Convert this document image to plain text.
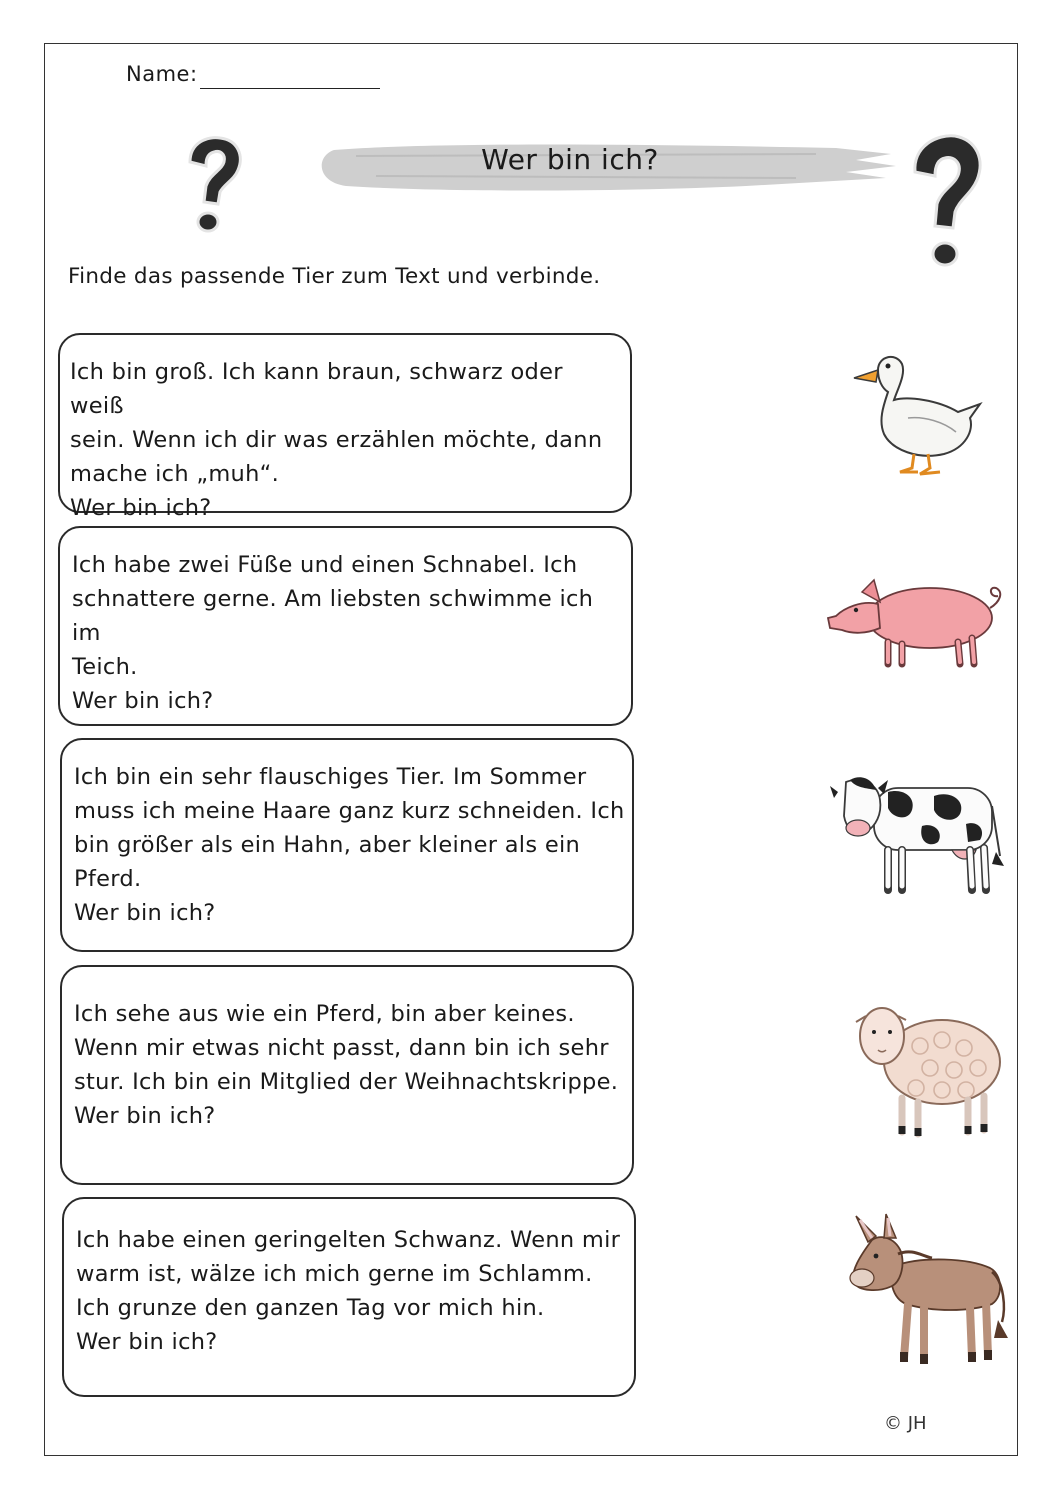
Name:
Wer bin ich?
Finde das passende Tier zum Text und verbinde.
Ich bin groß. Ich kann braun, schwarz oder weiß
sein. Wenn ich dir was erzählen möchte, dann
mache ich „muh“.
Wer bin ich?
Ich habe zwei Füße und einen Schnabel. Ich
schnattere gerne. Am liebsten schwimme ich im
Teich.
Wer bin ich?
Ich bin ein sehr flauschiges Tier. Im Sommer
muss ich meine Haare ganz kurz schneiden. Ich
bin größer als ein Hahn, aber kleiner als ein
Pferd.
Wer bin ich?
Ich sehe aus wie ein Pferd, bin aber keines.
Wenn mir etwas nicht passt, dann bin ich sehr
stur. Ich bin ein Mitglied der Weihnachtskrippe.
Wer bin ich?
Ich habe einen geringelten Schwanz. Wenn mir
warm ist, wälze ich mich gerne im Schlamm.
Ich grunze den ganzen Tag vor mich hin.
Wer bin ich?
© JH
